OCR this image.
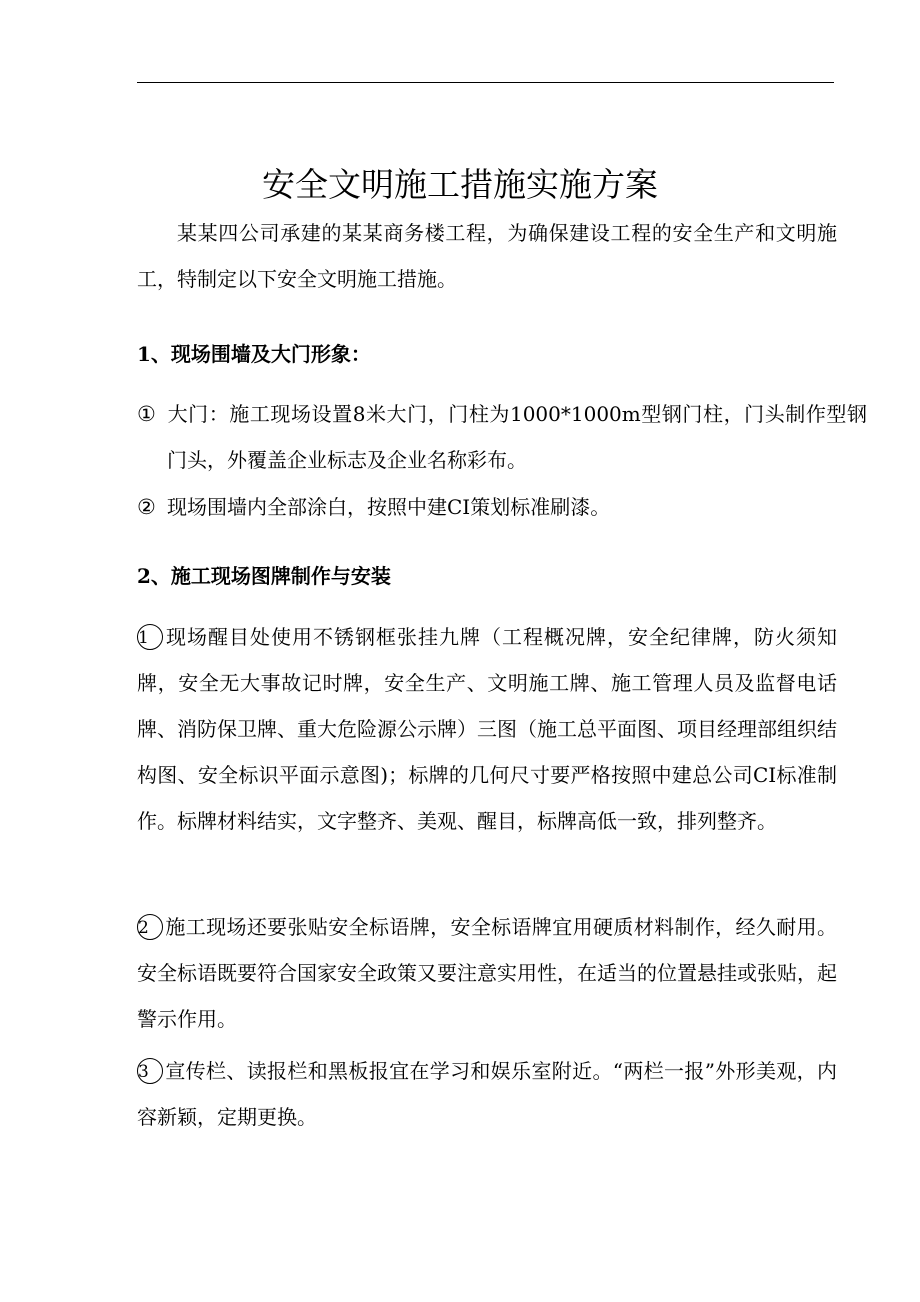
安全文明施工措施实施方案

某某四公司承建的某某商务楼工程，为确保建设工程的安全生产和文明施工，特制定以下安全文明施工措施。

1、现场围墙及大门形象：

① 大门：施工现场设置8米大门，门柱为1000*1000m型钢门柱，门头制作型钢门头，外覆盖企业标志及企业名称彩布。

② 现场围墙内全部涂白，按照中建CI策划标准刷漆。

2、施工现场图牌制作与安装

1 现场醒目处使用不锈钢框张挂九牌（工程概况牌，安全纪律牌，防火须知牌，安全无大事故记时牌，安全生产、文明施工牌、施工管理人员及监督电话牌、消防保卫牌、重大危险源公示牌）三图（施工总平面图、项目经理部组织结构图、安全标识平面示意图)；标牌的几何尺寸要严格按照中建总公司CI标准制作。标牌材料结实，文字整齐、美观、醒目，标牌高低一致，排列整齐。

2 施工现场还要张贴安全标语牌，安全标语牌宜用硬质材料制作，经久耐用。安全标语既要符合国家安全政策又要注意实用性，在适当的位置悬挂或张贴，起警示作用。

3 宣传栏、读报栏和黑板报宜在学习和娱乐室附近。“两栏一报”外形美观，内容新颖，定期更换。
